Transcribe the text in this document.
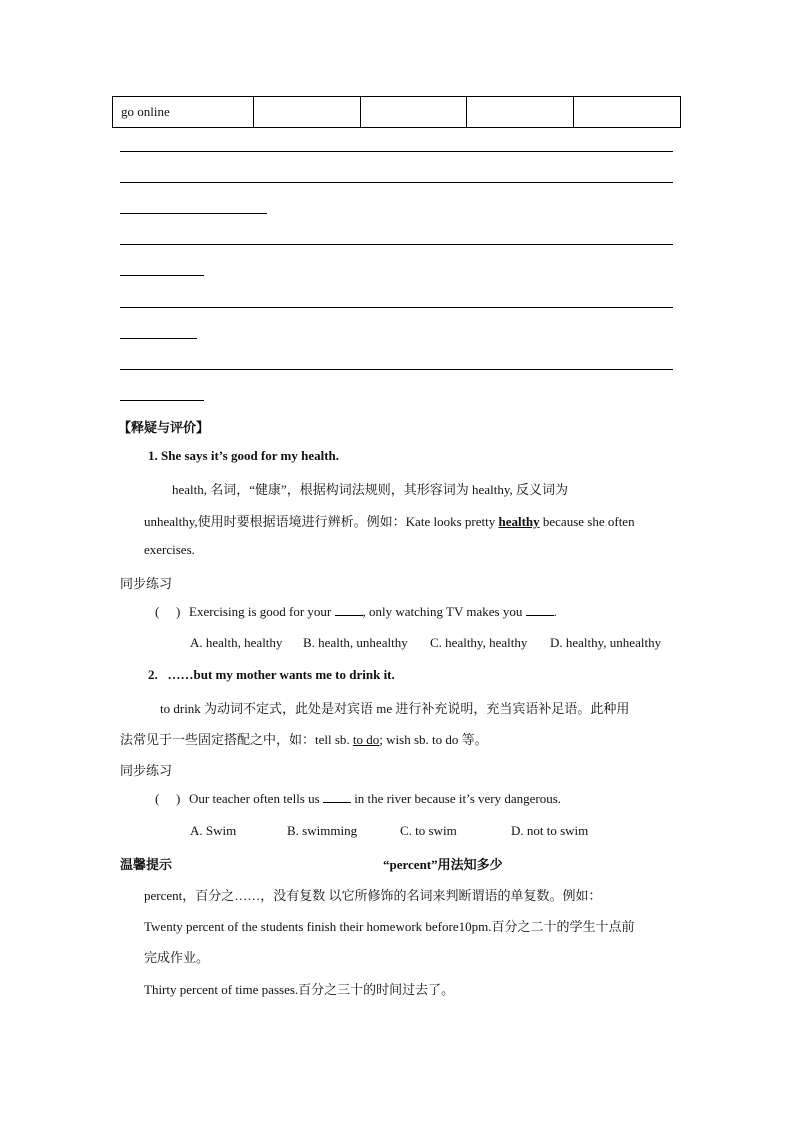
go online				
【释疑与评价】
1. She says it’s good for my health.
health, 名词，“健康”，根据构词法规则，其形容词为 healthy, 反义词为
unhealthy,使用时要根据语境进行辨析。例如：Kate looks pretty healthy because she often
exercises.
同步练习
( ) Exercising is good for your , only watching TV makes you .
A. health, healthy B. health, unhealthy C. healthy, healthy D. healthy, unhealthy
2.   ……but my mother wants me to drink it.
to drink 为动词不定式，此处是对宾语 me 进行补充说明，充当宾语补足语。此种用
法常见于一些固定搭配之中，如：tell sb. to do; wish sb. to do 等。
同步练习
( ) Our teacher often tells us  in the river because it’s very dangerous.
A. Swim	B. swimming	C. to swim	D. not to swim
温馨提示	“percent”用法知多少
percent，百分之……，没有复数 以它所修饰的名词来判断谓语的单复数。例如：
Twenty percent of the students finish their homework before10pm.百分之二十的学生十点前
完成作业。
Thirty percent of time passes.百分之三十的时间过去了。
